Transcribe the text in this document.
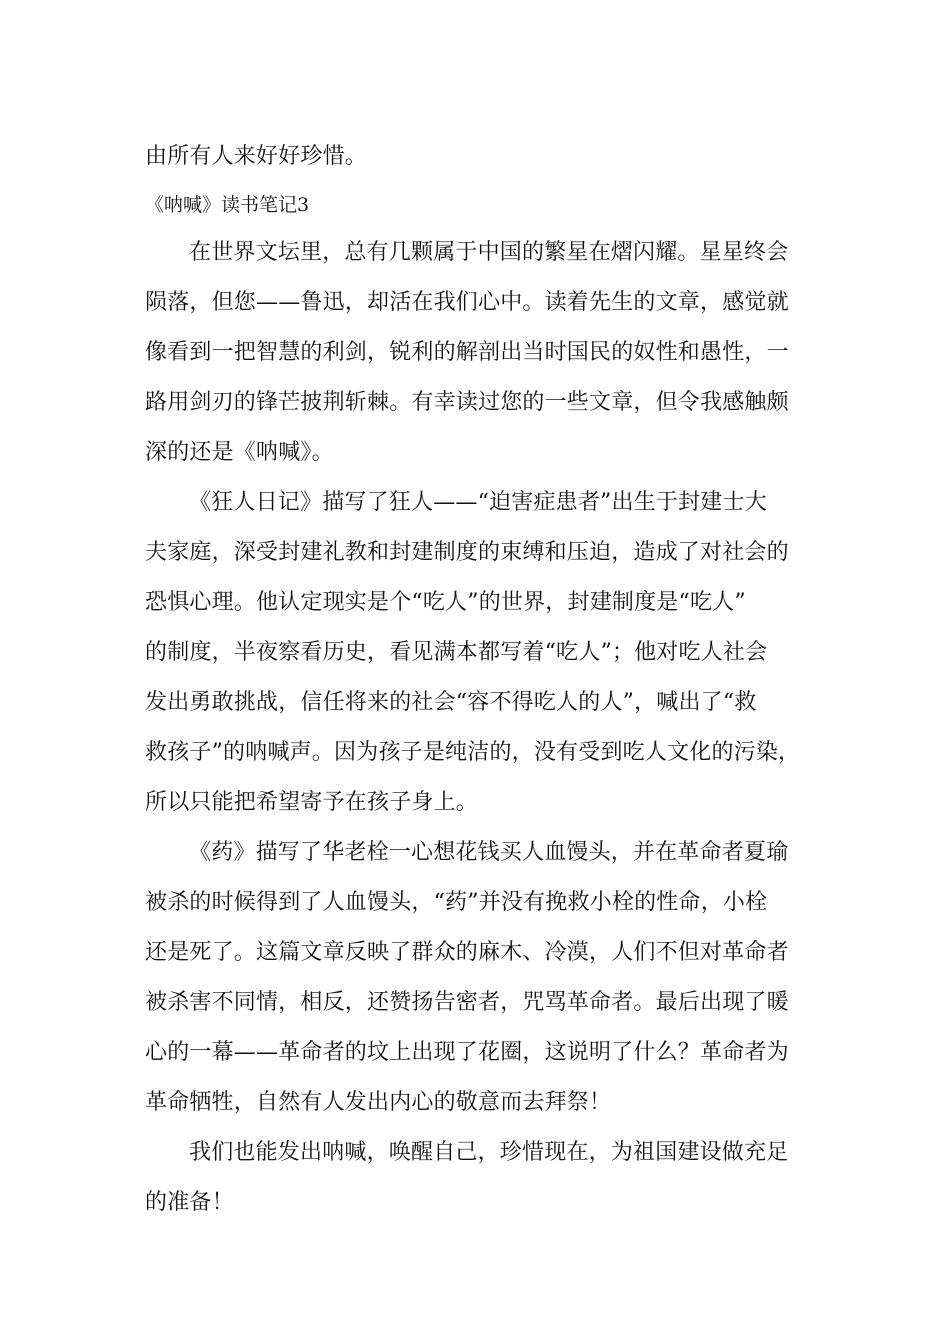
由所有人来好好珍惜。
《呐喊》读书笔记3
在世界文坛里，总有几颗属于中国的繁星在熠闪耀。星星终会
陨落，但您——鲁迅，却活在我们心中。读着先生的文章，感觉就
像看到一把智慧的利剑，锐利的解剖出当时国民的奴性和愚性，一
路用剑刃的锋芒披荆斩棘。有幸读过您的一些文章，但令我感触颇
深的还是《呐喊》。
《狂人日记》描写了狂人——“迫害症患者”出生于封建士大
夫家庭，深受封建礼教和封建制度的束缚和压迫，造成了对社会的
恐惧心理。他认定现实是个“吃人”的世界，封建制度是“吃人”
的制度，半夜察看历史，看见满本都写着“吃人”；他对吃人社会
发出勇敢挑战，信任将来的社会“容不得吃人的人”，喊出了“救
救孩子”的呐喊声。因为孩子是纯洁的，没有受到吃人文化的污染，
所以只能把希望寄予在孩子身上。
《药》描写了华老栓一心想花钱买人血馒头，并在革命者夏瑜
被杀的时候得到了人血馒头，“药”并没有挽救小栓的性命，小栓
还是死了。这篇文章反映了群众的麻木、冷漠，人们不但对革命者
被杀害不同情，相反，还赞扬告密者，咒骂革命者。最后出现了暖
心的一幕——革命者的坟上出现了花圈，这说明了什么？革命者为
革命牺牲，自然有人发出内心的敬意而去拜祭！
我们也能发出呐喊，唤醒自己，珍惜现在，为祖国建设做充足
的准备！
